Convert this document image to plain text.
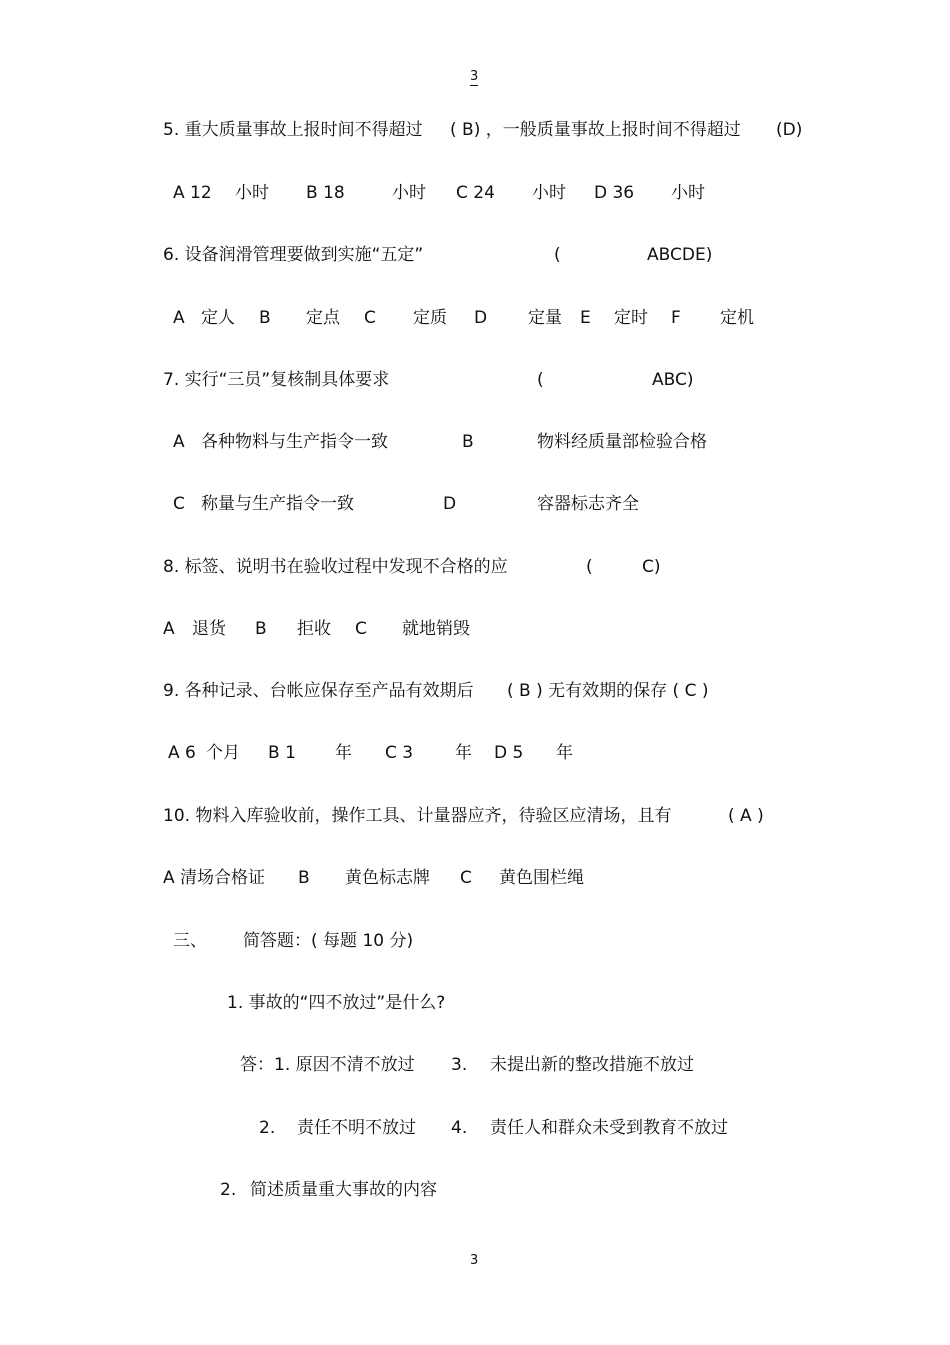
3
5. 重大质量事故上报时间不得超过 ( B) ，一般质量事故上报时间不得超过 (D)
A 12 小时 B 18	小时 C 24 小时 D 36 小时
6. 设备润滑管理要做到实施“五定”	(	ABCDE)
A 定人 B 定点 C 定质 D 定量 E 定时 F 定机
7. 实行“三员”复核制具体要求	(	ABC)
A 各种物料与生产指令一致	B	物料经质量部检验合格
C 称量与生产指令一致	D	容器标志齐全
8. 标签、说明书在验收过程中发现不合格的应	(	C)
A 退货 B 拒收 C 就地销毁
9. 各种记录、台帐应保存至产品有效期后 ( B ) 无有效期的保存 ( C )
A 6 个月 B 1 年 C 3 年 D 5 年
10. 物料入库验收前，操作工具、计量器应齐，待验区应清场，且有	( A )
A 清场合格证 B 黄色标志牌 C 黄色围栏绳
三、 简答题：( 每题 10 分)
1. 事故的“四不放过”是什么?
答：1. 原因不清不放过 3. 未提出新的整改措施不放过
2. 责任不明不放过 4. 责任人和群众未受到教育不放过
2. 简述质量重大事故的内容
3
